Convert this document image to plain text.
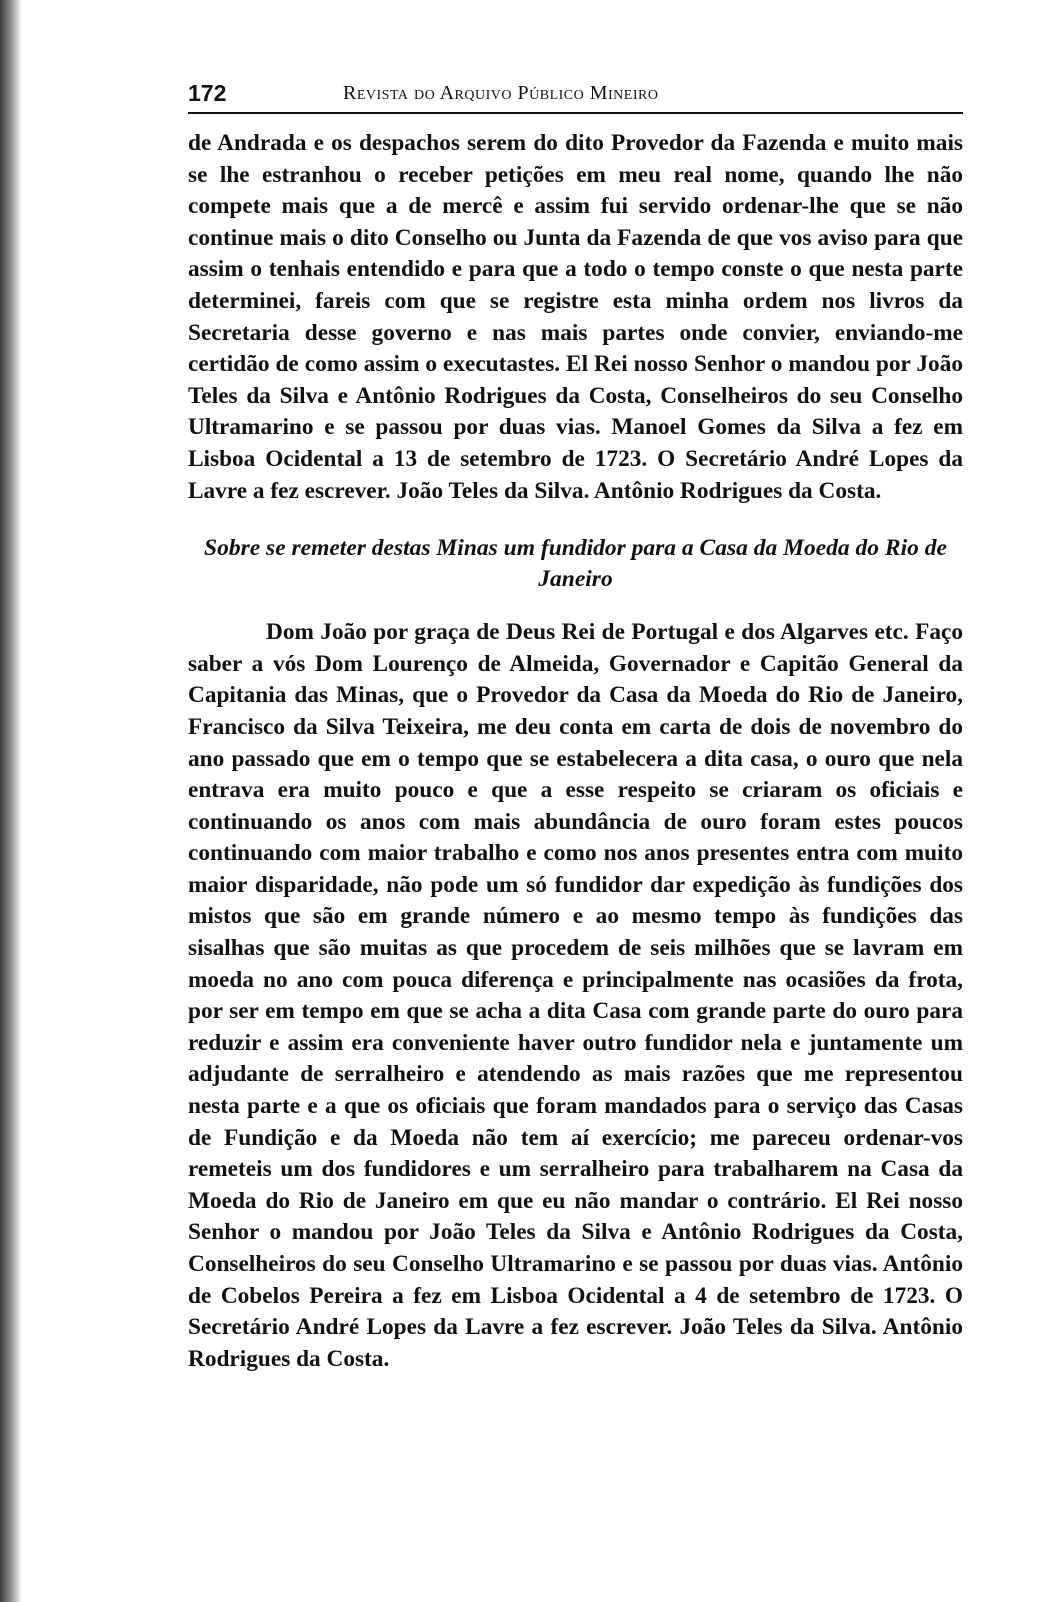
172	Revista do Arquivo Público Mineiro

de Andrada e os despachos serem do dito Provedor da Fazenda e muito mais se lhe estranhou o receber petições em meu real nome, quando lhe não compete mais que a de mercê e assim fui servido ordenar-lhe que se não continue mais o dito Conselho ou Junta da Fazenda de que vos aviso para que assim o tenhais entendido e para que a todo o tempo conste o que nesta parte determinei, fareis com que se registre esta minha ordem nos livros da Secretaria desse governo e nas mais partes onde convier, enviando-me certidão de como assim o executastes. El Rei nosso Senhor o mandou por João Teles da Silva e Antônio Rodrigues da Costa, Conselheiros do seu Conselho Ultramarino e se passou por duas vias. Manoel Gomes da Silva a fez em Lisboa Ocidental a 13 de setembro de 1723. O Secretário André Lopes da Lavre a fez escrever. João Teles da Silva. Antônio Rodrigues da Costa.

Sobre se remeter destas Minas um fundidor para a Casa da Moeda do Rio de Janeiro

Dom João por graça de Deus Rei de Portugal e dos Algarves etc. Faço saber a vós Dom Lourenço de Almeida, Governador e Capitão General da Capitania das Minas, que o Provedor da Casa da Moeda do Rio de Janeiro, Francisco da Silva Teixeira, me deu conta em carta de dois de novembro do ano passado que em o tempo que se estabelecera a dita casa, o ouro que nela entrava era muito pouco e que a esse respeito se criaram os oficiais e continuando os anos com mais abundância de ouro foram estes poucos continuando com maior trabalho e como nos anos presentes entra com muito maior disparidade, não pode um só fundidor dar expedição às fundições dos mistos que são em grande número e ao mesmo tempo às fundições das sisalhas que são muitas as que procedem de seis milhões que se lavram em moeda no ano com pouca diferença e principalmente nas ocasiões da frota, por ser em tempo em que se acha a dita Casa com grande parte do ouro para reduzir e assim era conveniente haver outro fundidor nela e juntamente um adjudante de serralheiro e atendendo as mais razões que me representou nesta parte e a que os oficiais que foram mandados para o serviço das Casas de Fundição e da Moeda não tem aí exercício; me pareceu ordenar-vos remeteis um dos fundidores e um serralheiro para trabalharem na Casa da Moeda do Rio de Janeiro em que eu não mandar o contrário. El Rei nosso Senhor o mandou por João Teles da Silva e Antônio Rodrigues da Costa, Conselheiros do seu Conselho Ultramarino e se passou por duas vias. Antônio de Cobelos Pereira a fez em Lisboa Ocidental a 4 de setembro de 1723. O Secretário André Lopes da Lavre a fez escrever. João Teles da Silva. Antônio Rodrigues da Costa.
